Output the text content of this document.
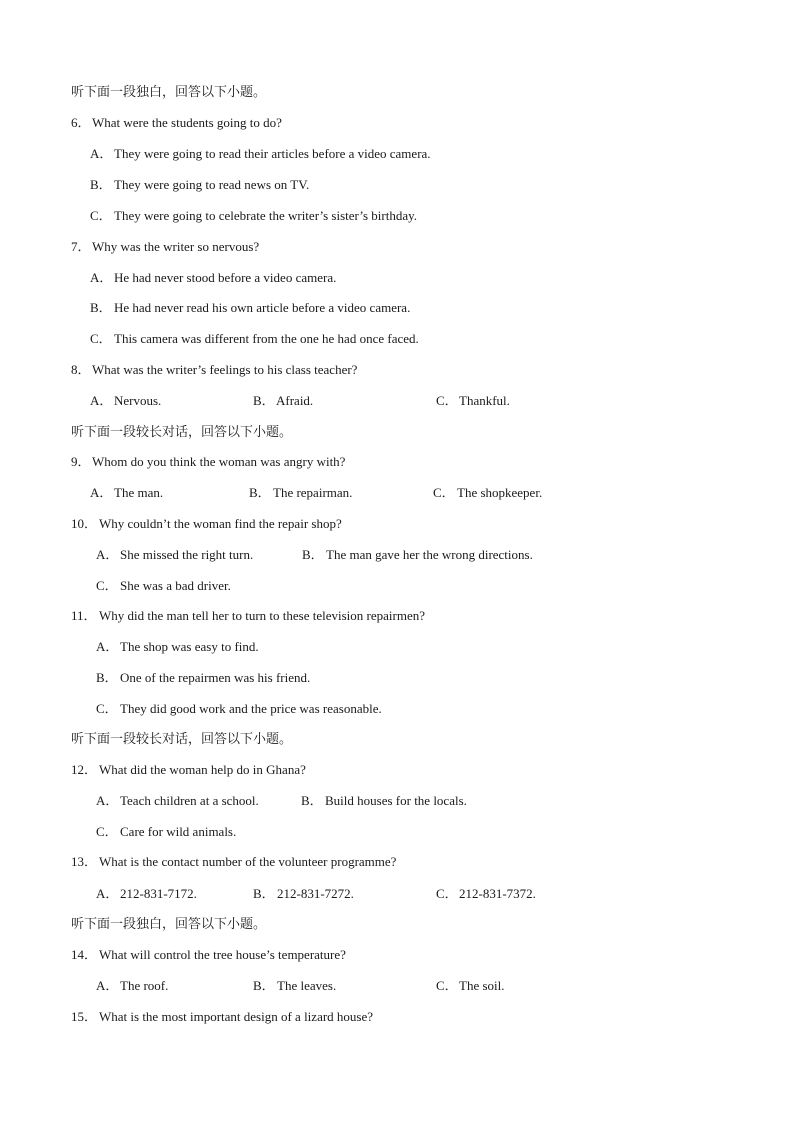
听下面一段独白，回答以下小题。
6． What were the students going to do?
A． They were going to read their articles before a video camera.
B． They were going to read news on TV.
C． They were going to celebrate the writer’s sister’s birthday.
7． Why was the writer so nervous?
A． He had never stood before a video camera.
B． He had never read his own article before a video camera.
C． This camera was different from the one he had once faced.
8． What was the writer’s feelings to his class teacher?
A． Nervous.	B． Afraid.	C． Thankful.
听下面一段较长对话，回答以下小题。
9． Whom do you think the woman was angry with?
A． The man.	B． The repairman.	C． The shopkeeper.
10． Why couldn’t the woman find the repair shop?
A． She missed the right turn.	B． The man gave her the wrong directions.
C． She was a bad driver.
11． Why did the man tell her to turn to these television repairmen?
A． The shop was easy to find.
B． One of the repairmen was his friend.
C． They did good work and the price was reasonable.
听下面一段较长对话，回答以下小题。
12． What did the woman help do in Ghana?
A． Teach children at a school.	B． Build houses for the locals.
C． Care for wild animals.
13． What is the contact number of the volunteer programme?
A． 212-831-7172.	B． 212-831-7272.	C． 212-831-7372.
听下面一段独白，回答以下小题。
14． What will control the tree house’s temperature?
A． The roof.	B． The leaves.	C． The soil.
15． What is the most important design of a lizard house?
